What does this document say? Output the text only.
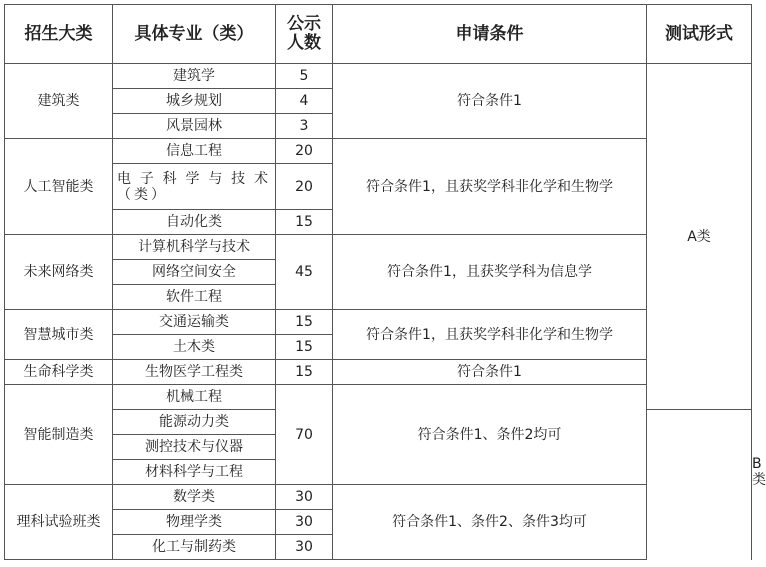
招生大类	具体专业（类）	公示人数	申请条件	测试形式	
建筑类	建筑学	5	符合条件1	A类	
	城乡规划	4			
	风景园林	3			
人工智能类	信息工程	20	符合条件1，且获奖学科非化学和生物学		
	电子科学与技术（类）	20			
	自动化类	15			
未来网络类	计算机科学与技术	45	符合条件1，且获奖学科为信息学		
	网络空间安全				
	软件工程				
智慧城市类	交通运输类	15	符合条件1，且获奖学科非化学和生物学		
	土木类	15			
生命科学类	生物医学工程类	15	符合条件1		
智能制造类	机械工程	70	符合条件1、条件2均可		B类
	能源动力类				
	测控技术与仪器				
	材料科学与工程				
理科试验班类	数学类	30	符合条件1、条件2、条件3均可		
	物理学类	30			
	化工与制药类	30			
